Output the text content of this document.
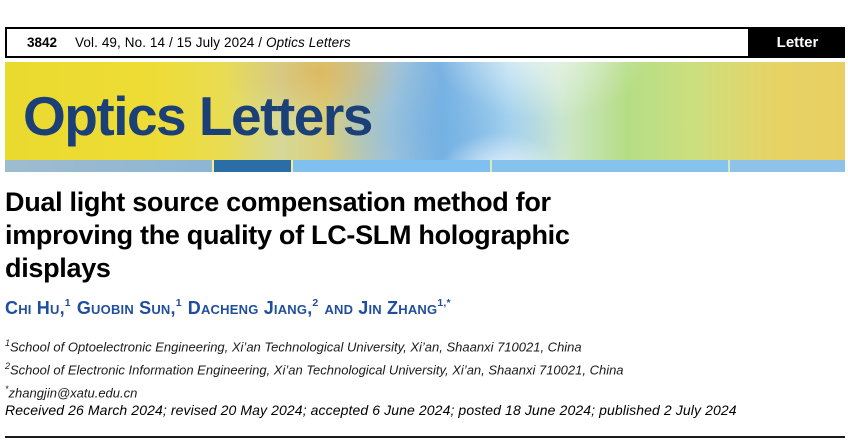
3842 Vol. 49, No. 14 / 15 July 2024 / Optics Letters	Letter
Optics Letters
Dual light source compensation method for
improving the quality of LC-SLM holographic
displays
Chi Hu,$^1$ Guobin Sun,$^1$ Dacheng Jiang,$^2$ and Jin Zhang$^{1,*}$
$^1$School of Optoelectronic Engineering, Xi’an Technological University, Xi’an, Shaanxi 710021, China
$^2$School of Electronic Information Engineering, Xi’an Technological University, Xi’an, Shaanxi 710021, China
*zhangjin@xatu.edu.cn
Received 26 March 2024; revised 20 May 2024; accepted 6 June 2024; posted 18 June 2024; published 2 July 2024
